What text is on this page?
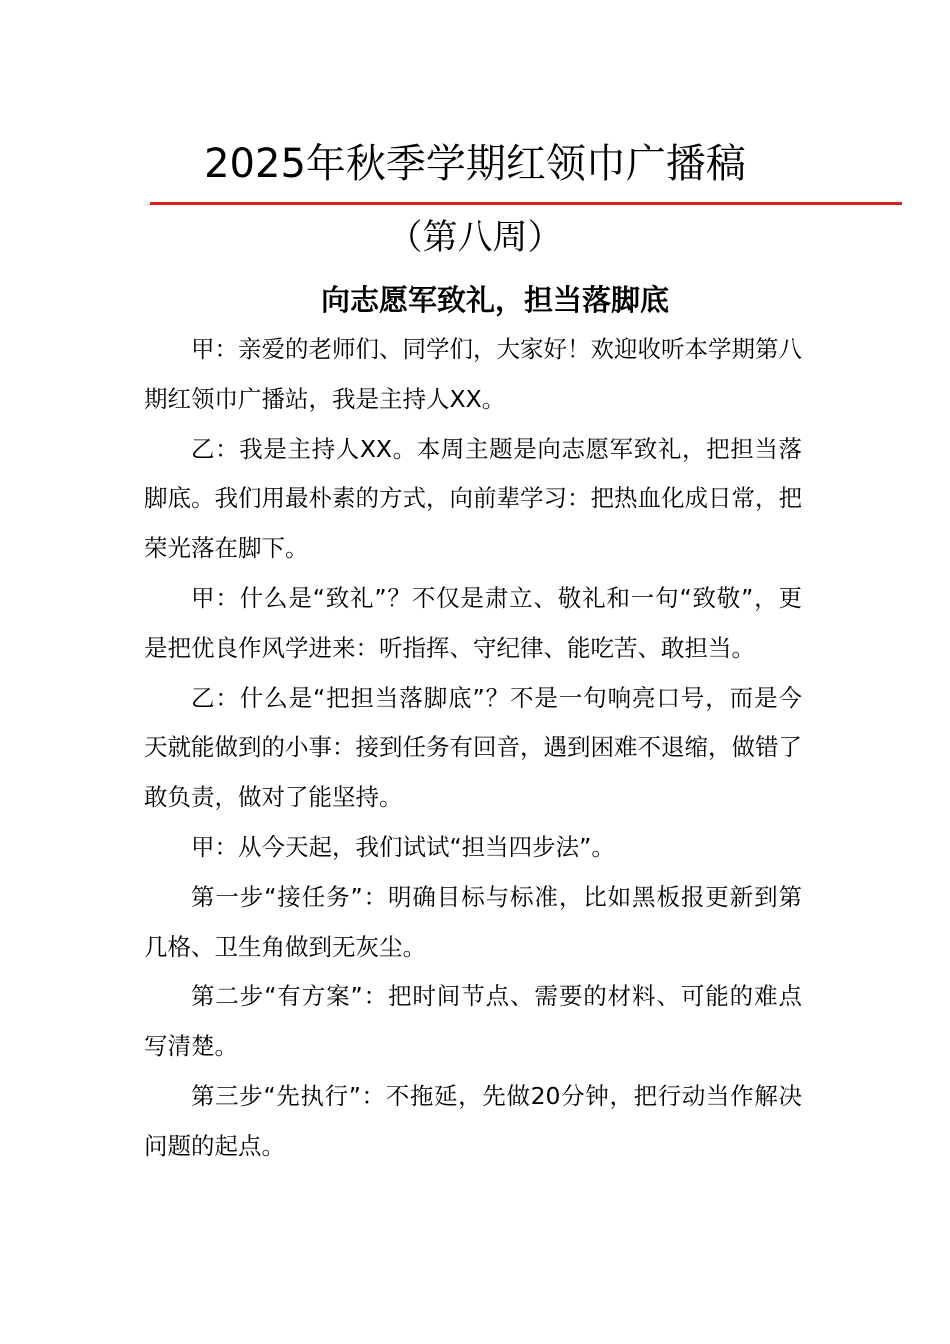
2025年秋季学期红领巾广播稿
（第八周）
向志愿军致礼，担当落脚底

甲：亲爱的老师们、同学们，大家好！欢迎收听本学期第八期红领巾广播站，我是主持人XX。

乙：我是主持人XX。本周主题是向志愿军致礼，把担当落脚底。我们用最朴素的方式，向前辈学习：把热血化成日常，把荣光落在脚下。

甲：什么是“致礼”？不仅是肃立、敬礼和一句“致敬”，更是把优良作风学进来：听指挥、守纪律、能吃苦、敢担当。

乙：什么是“把担当落脚底”？不是一句响亮口号，而是今天就能做到的小事：接到任务有回音，遇到困难不退缩，做错了敢负责，做对了能坚持。

甲：从今天起，我们试试“担当四步法”。

第一步“接任务”：明确目标与标准，比如黑板报更新到第几格、卫生角做到无灰尘。

第二步“有方案”：把时间节点、需要的材料、可能的难点写清楚。

第三步“先执行”：不拖延，先做20分钟，把行动当作解决问题的起点。
